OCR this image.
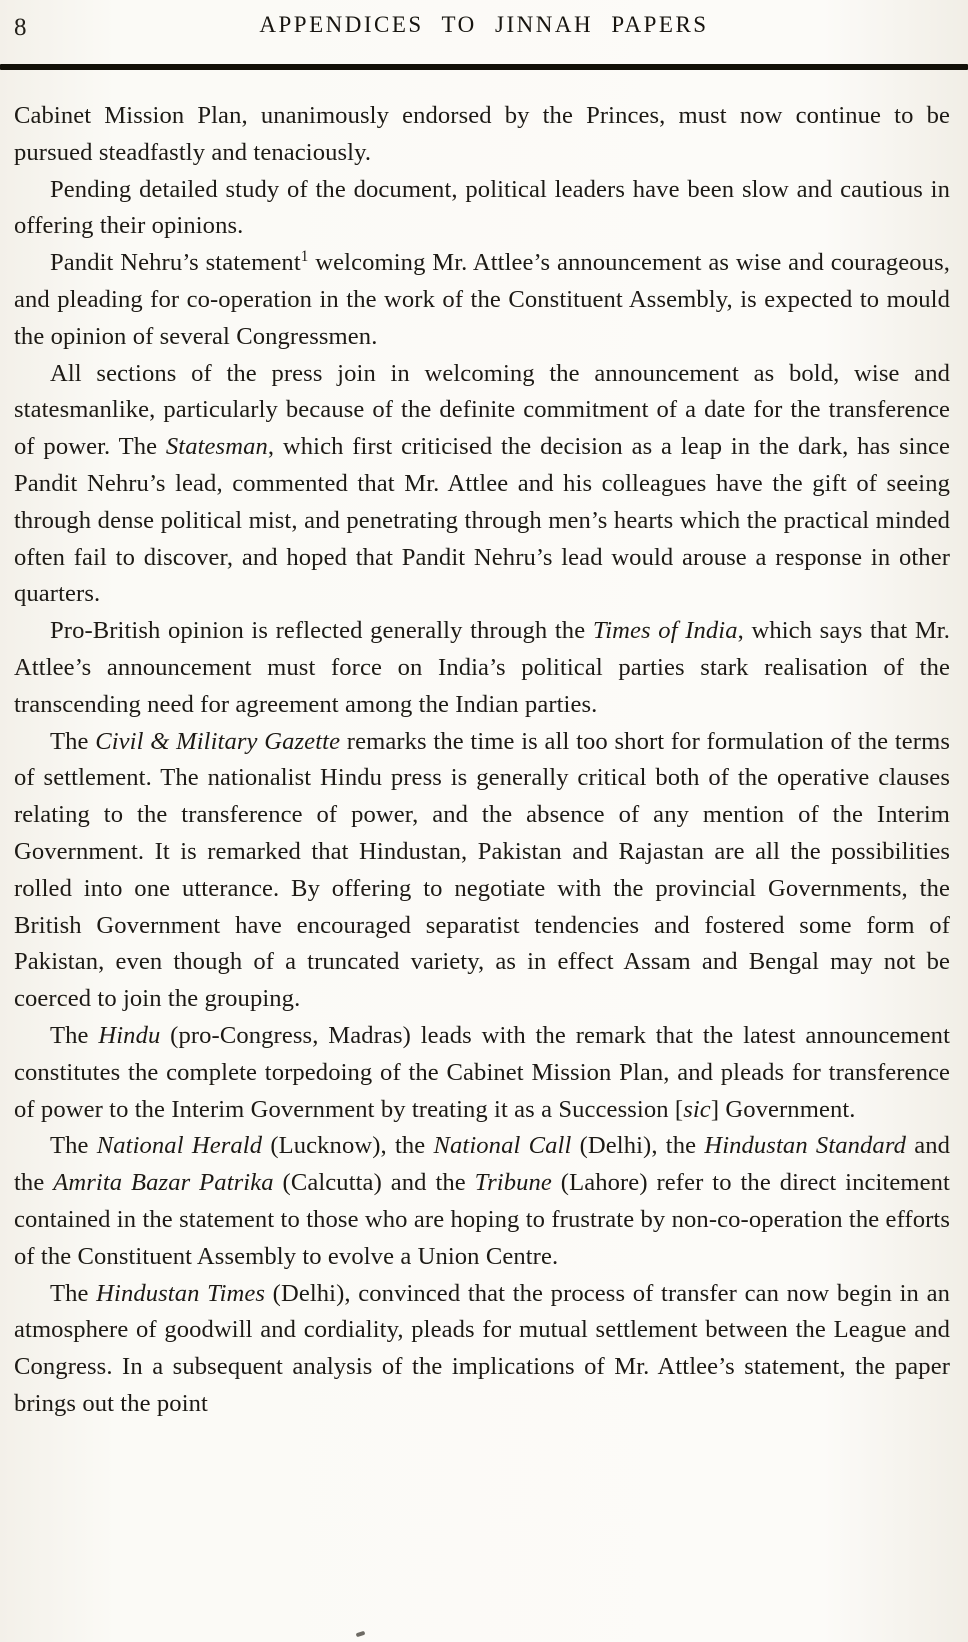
8	APPENDICES TO JINNAH PAPERS

Cabinet Mission Plan, unanimously endorsed by the Princes, must now continue to be pursued steadfastly and tenaciously.

Pending detailed study of the document, political leaders have been slow and cautious in offering their opinions.

Pandit Nehru’s statement$^1$ welcoming Mr. Attlee’s announcement as wise and courageous, and pleading for co-operation in the work of the Constituent Assembly, is expected to mould the opinion of several Congressmen.

All sections of the press join in welcoming the announcement as bold, wise and statesmanlike, particularly because of the definite commitment of a date for the transference of power. The Statesman, which first criticised the decision as a leap in the dark, has since Pandit Nehru’s lead, commented that Mr. Attlee and his colleagues have the gift of seeing through dense political mist, and penetrating through men’s hearts which the practical minded often fail to discover, and hoped that Pandit Nehru’s lead would arouse a response in other quarters.

Pro-British opinion is reflected generally through the Times of India, which says that Mr. Attlee’s announcement must force on India’s political parties stark realisation of the transcending need for agreement among the Indian parties.

The Civil & Military Gazette remarks the time is all too short for formulation of the terms of settlement. The nationalist Hindu press is generally critical both of the operative clauses relating to the transference of power, and the absence of any mention of the Interim Government. It is remarked that Hindustan, Pakistan and Rajastan are all the possibilities rolled into one utterance. By offering to negotiate with the provincial Governments, the British Government have encouraged separatist tendencies and fostered some form of Pakistan, even though of a truncated variety, as in effect Assam and Bengal may not be coerced to join the grouping.

The Hindu (pro-Congress, Madras) leads with the remark that the latest announcement constitutes the complete torpedoing of the Cabinet Mission Plan, and pleads for transference of power to the Interim Government by treating it as a Succession [sic] Government.

The National Herald (Lucknow), the National Call (Delhi), the Hindustan Standard and the Amrita Bazar Patrika (Calcutta) and the Tribune (Lahore) refer to the direct incitement contained in the statement to those who are hoping to frustrate by non-co-operation the efforts of the Constituent Assembly to evolve a Union Centre.

The Hindustan Times (Delhi), convinced that the process of transfer can now begin in an atmosphere of goodwill and cordiality, pleads for mutual settlement between the League and Congress. In a subsequent analysis of the implications of Mr. Attlee’s statement, the paper brings out the point
